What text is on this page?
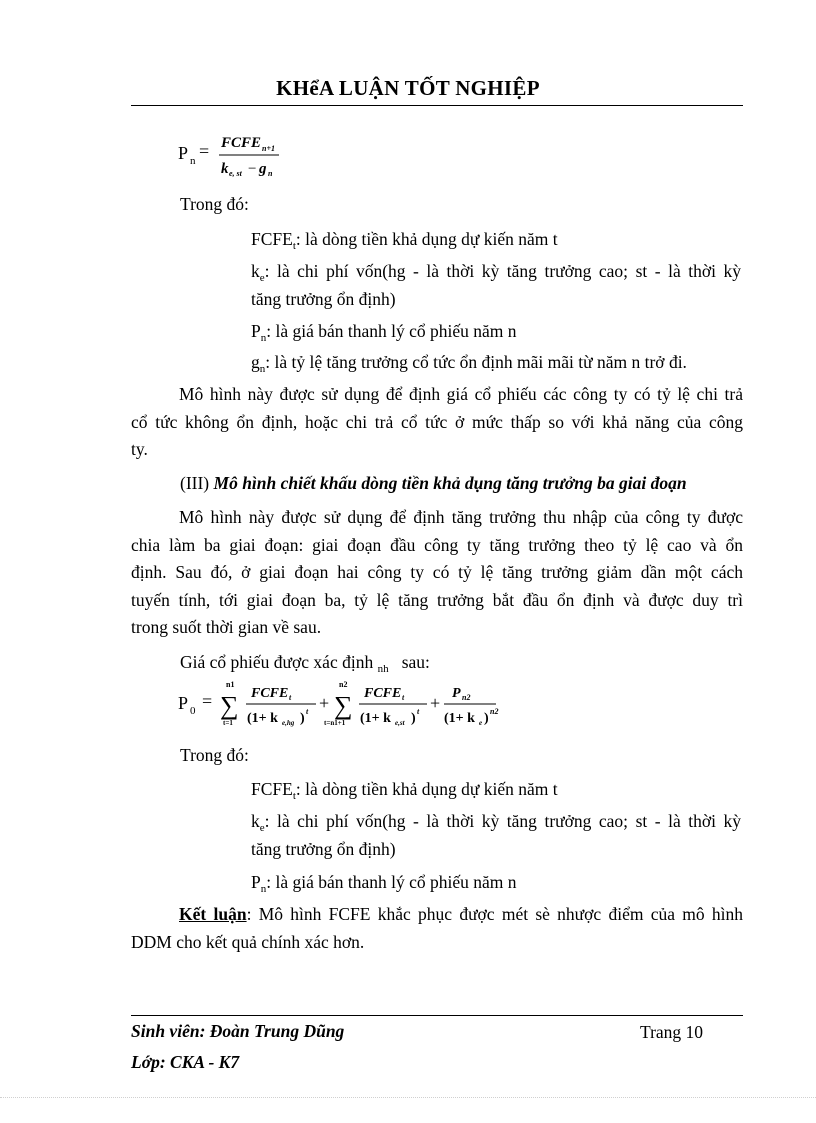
KHểA LUẬN TỐT NGHIỆP
P n = FCFE n+1
k e, st − g n
Trong đó:
$FCFE_t$: là dòng tiền khả dụng dự kiến năm t
$k_e$: là chi phí vốn(hg - là thời kỳ tăng trưởng cao; st - là thời kỳ
tăng trưởng ổn định)
$P_n$: là giá bán thanh lý cổ phiếu năm n
$g_n$: là tỷ lệ tăng trưởng cổ tức ổn định mãi mãi từ năm n trở đi.
Mô hình này được sử dụng để định giá cổ phiếu các công ty có tỷ lệ chi trả
cổ tức không ổn định, hoặc chi trả cổ tức ở mức thấp so với khả năng của công
ty.
(III) Mô hình chiết khấu dòng tiền khả dụng tăng trưởng ba giai đoạn
Mô hình này được sử dụng để định tăng trưởng thu nhập của công ty được
chia làm ba giai đoạn: giai đoạn đầu công ty tăng trưởng theo tỷ lệ cao và ổn
định. Sau đó, ở giai đoạn hai công ty có tỷ lệ tăng trưởng giảm dần một cách
tuyến tính, tới giai đoạn ba, tỷ lệ tăng trưởng bắt đầu ổn định và được duy trì
trong suốt thời gian về sau.
Giá cổ phiếu được xác định $_{nh}$ sau:
P 0 =
n1
∑
t=1
FCFE t
(1+ k e,hg ) t +
n2
∑
t=n1+1
FCFE t
(1+ k e,st ) t + P n2
(1+ k e ) n2
Trong đó:
$FCFE_t$: là dòng tiền khả dụng dự kiến năm t
$k_e$: là chi phí vốn(hg - là thời kỳ tăng trưởng cao; st - là thời kỳ
tăng trưởng ổn định)
$P_n$: là giá bán thanh lý cổ phiếu năm n
Kết luận: Mô hình FCFE khắc phục được mét sè nhược điểm của mô hình
DDM cho kết quả chính xác hơn.
Sinh viên: Đoàn Trung Dũng	Trang 10
Lớp: CKA - K7
